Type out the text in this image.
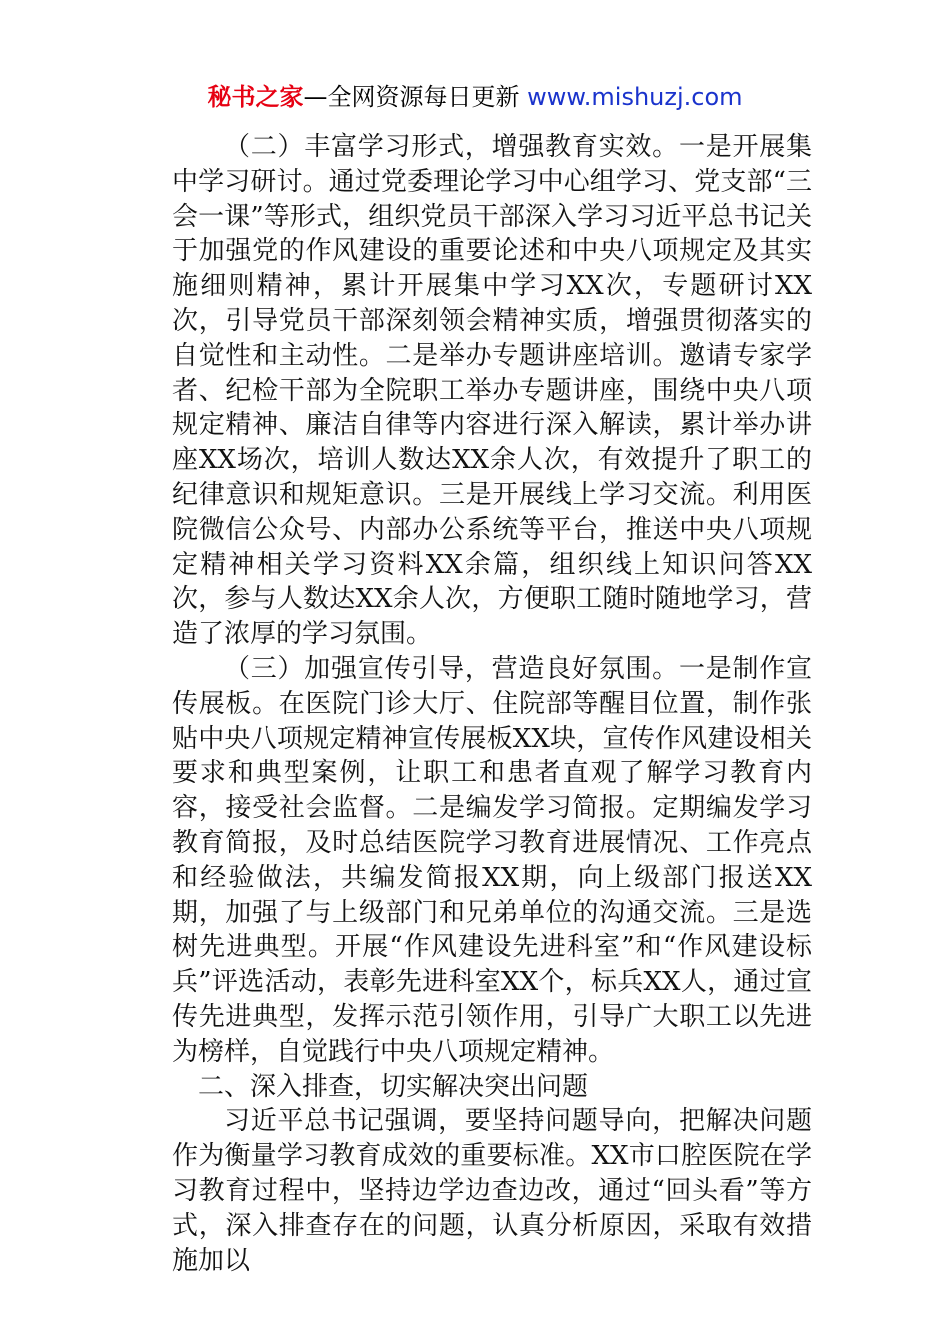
秘书之家—全网资源每日更新 www.mishuzj.com

（二）丰富学习形式，增强教育实效。一是开展集中学习研讨。通过党委理论学习中心组学习、党支部“三会一课”等形式，组织党员干部深入学习习近平总书记关于加强党的作风建设的重要论述和中央八项规定及其实施细则精神，累计开展集中学习XX次，专题研讨XX次，引导党员干部深刻领会精神实质，增强贯彻落实的自觉性和主动性。二是举办专题讲座培训。邀请专家学者、纪检干部为全院职工举办专题讲座，围绕中央八项规定精神、廉洁自律等内容进行深入解读，累计举办讲座XX场次，培训人数达XX余人次，有效提升了职工的纪律意识和规矩意识。三是开展线上学习交流。利用医院微信公众号、内部办公系统等平台，推送中央八项规定精神相关学习资料XX余篇，组织线上知识问答XX次，参与人数达XX余人次，方便职工随时随地学习，营造了浓厚的学习氛围。

（三）加强宣传引导，营造良好氛围。一是制作宣传展板。在医院门诊大厅、住院部等醒目位置，制作张贴中央八项规定精神宣传展板XX块，宣传作风建设相关要求和典型案例，让职工和患者直观了解学习教育内容，接受社会监督。二是编发学习简报。定期编发学习教育简报，及时总结医院学习教育进展情况、工作亮点和经验做法，共编发简报XX期，向上级部门报送XX期，加强了与上级部门和兄弟单位的沟通交流。三是选树先进典型。开展“作风建设先进科室”和“作风建设标兵”评选活动，表彰先进科室XX个，标兵XX人，通过宣传先进典型，发挥示范引领作用，引导广大职工以先进为榜样，自觉践行中央八项规定精神。

二、深入排查，切实解决突出问题

习近平总书记强调，要坚持问题导向，把解决问题作为衡量学习教育成效的重要标准。XX市口腔医院在学习教育过程中，坚持边学边查边改，通过“回头看”等方式，深入排查存在的问题，认真分析原因，采取有效措施加以
